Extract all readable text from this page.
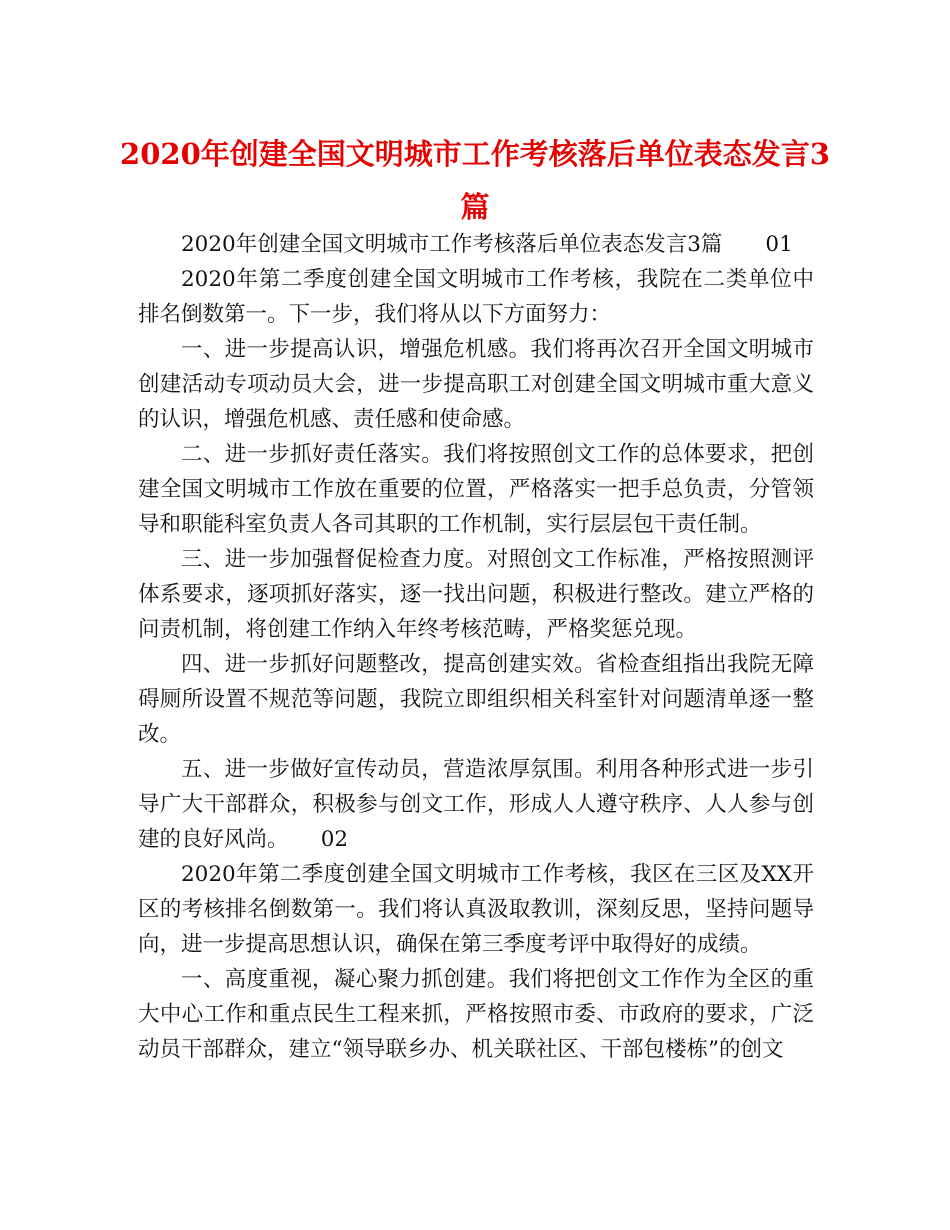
2020年创建全国文明城市工作考核落后单位表态发言3篇

2020年创建全国文明城市工作考核落后单位表态发言3篇　　01

2020年第二季度创建全国文明城市工作考核，我院在二类单位中排名倒数第一。下一步，我们将从以下方面努力：

一、进一步提高认识，增强危机感。我们将再次召开全国文明城市创建活动专项动员大会，进一步提高职工对创建全国文明城市重大意义的认识，增强危机感、责任感和使命感。

二、进一步抓好责任落实。我们将按照创文工作的总体要求，把创建全国文明城市工作放在重要的位置，严格落实一把手总负责，分管领导和职能科室负责人各司其职的工作机制，实行层层包干责任制。

三、进一步加强督促检查力度。对照创文工作标准，严格按照测评体系要求，逐项抓好落实，逐一找出问题，积极进行整改。建立严格的问责机制，将创建工作纳入年终考核范畴，严格奖惩兑现。

四、进一步抓好问题整改，提高创建实效。省检查组指出我院无障碍厕所设置不规范等问题，我院立即组织相关科室针对问题清单逐一整改。

五、进一步做好宣传动员，营造浓厚氛围。利用各种形式进一步引导广大干部群众，积极参与创文工作，形成人人遵守秩序、人人参与创建的良好风尚。　　02

2020年第二季度创建全国文明城市工作考核，我区在三区及XX开区的考核排名倒数第一。我们将认真汲取教训，深刻反思，坚持问题导向，进一步提高思想认识，确保在第三季度考评中取得好的成绩。

一、高度重视，凝心聚力抓创建。我们将把创文工作作为全区的重大中心工作和重点民生工程来抓，严格按照市委、市政府的要求，广泛动员干部群众，建立“领导联乡办、机关联社区、干部包楼栋”的创文
